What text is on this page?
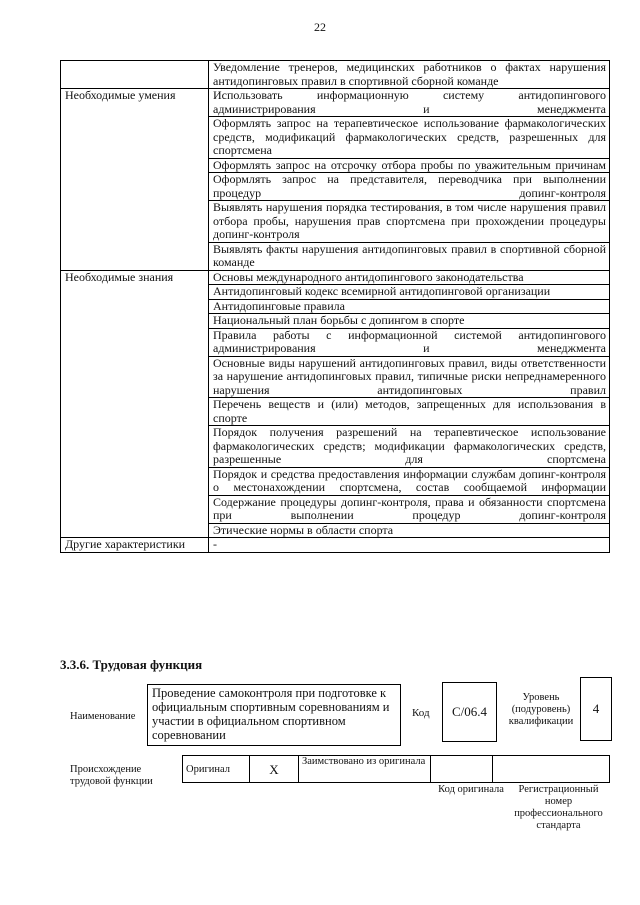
22
	Уведомление тренеров, медицинских работников о фактах нарушения антидопинговых правил в спортивной сборной команде
Необходимые умения	Использовать информационную систему антидопингового администрирования и менеджмента
	Оформлять запрос на терапевтическое использование фармакологических средств, модификаций фармакологических средств, разрешенных для спортсмена
	Оформлять запрос на отсрочку отбора пробы по уважительным причинам
	Оформлять запрос на представителя, переводчика при выполнении процедур допинг-контроля
	Выявлять нарушения порядка тестирования, в том числе нарушения правил отбора пробы, нарушения прав спортсмена при прохождении процедуры допинг-контроля
	Выявлять факты нарушения антидопинговых правил в спортивной сборной команде
Необходимые знания	Основы международного антидопингового законодательства
	Антидопинговый кодекс всемирной антидопинговой организации
	Антидопинговые правила
	Национальный план борьбы с допингом в спорте
	Правила работы с информационной системой антидопингового администрирования и менеджмента
	Основные виды нарушений антидопинговых правил, виды ответственности за нарушение антидопинговых правил, типичные риски непреднамеренного нарушения антидопинговых правил
	Перечень веществ и (или) методов, запрещенных для использования в спорте
	Порядок получения разрешений на терапевтическое использование фармакологических средств; модификации фармакологических средств, разрешенные для спортсмена
	Порядок и средства предоставления информации службам допинг-контроля о местонахождении спортсмена, состав сообщаемой информации
	Содержание процедуры допинг-контроля, права и обязанности спортсмена при выполнении процедур допинг-контроля
	Этические нормы в области спорта
Другие характеристики	-
3.3.6. Трудовая функция
Наименование
Проведение самоконтроля при подготовке к официальным спортивным соревнованиям и участии в официальном спортивном соревновании
Код	C/06.4
Уровень (подуровень) квалификации
4
Происхождение трудовой функции
Оригинал	X	Заимствовано из оригинала		
Код оригинала	Регистрационный номер профессионального стандарта
